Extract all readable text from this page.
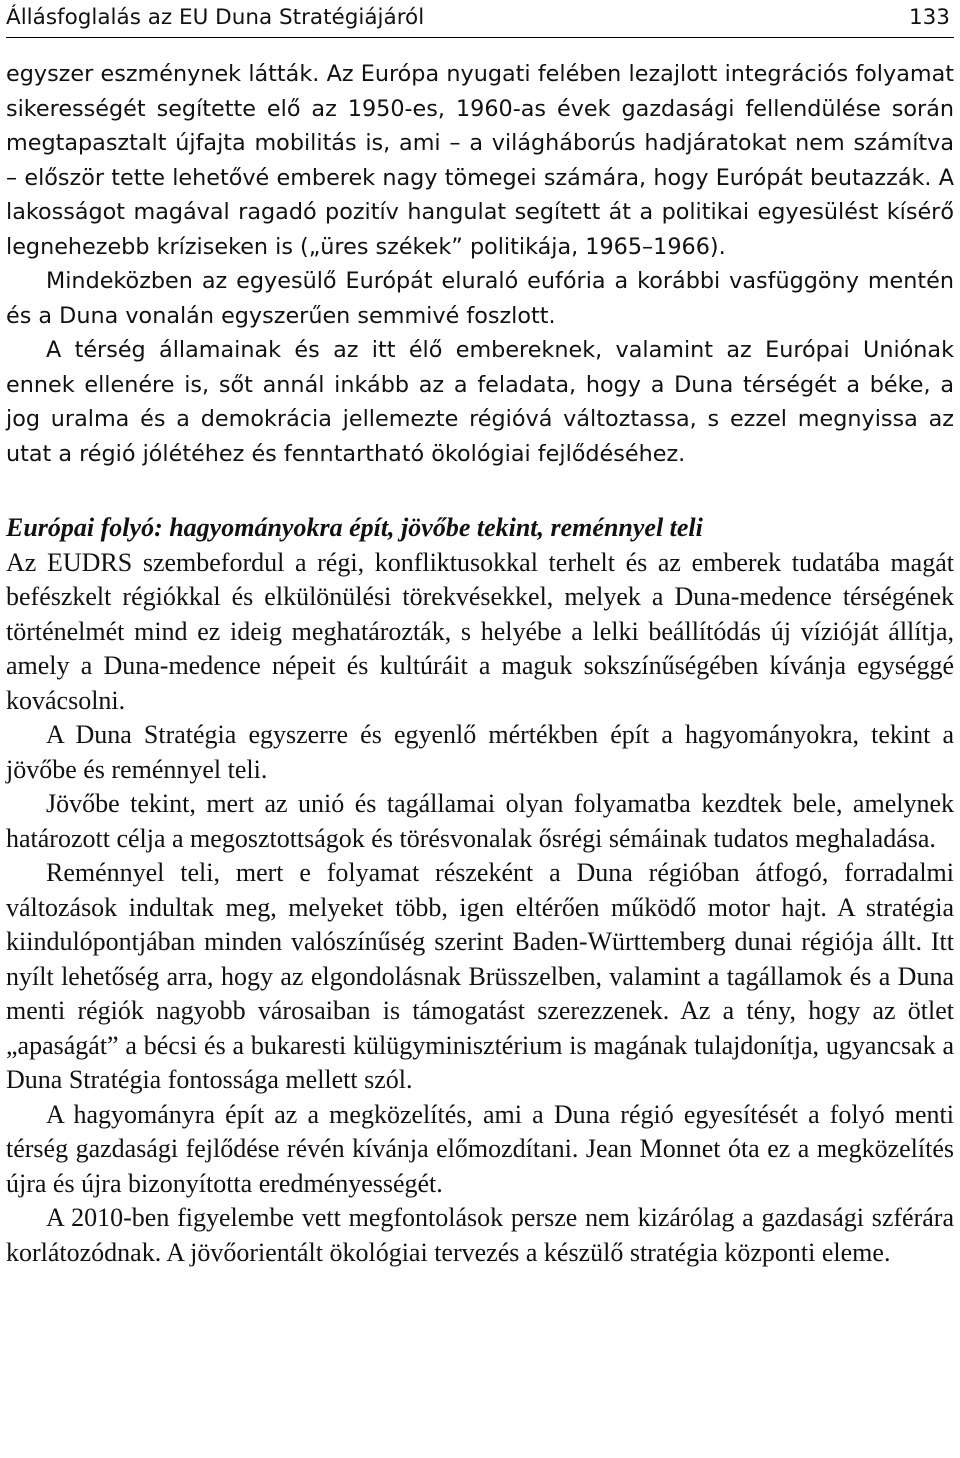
Állásfoglalás az EU Duna Stratégiájáról	133

egyszer eszménynek látták. Az Európa nyugati felében lezajlott integrációs folyamat sikerességét segítette elő az 1950-es, 1960-as évek gazdasági fellendülése során megtapasztalt újfajta mobilitás is, ami – a világháborús hadjáratokat nem számítva – először tette lehetővé emberek nagy tömegei számára, hogy Európát beutazzák. A lakosságot magával ragadó pozitív hangulat segített át a politikai egyesülést kísérő legnehezebb kríziseken is („üres székek” politikája, 1965–1966).

Mindeközben az egyesülő Európát eluraló eufória a korábbi vasfüggöny mentén és a Duna vonalán egyszerűen semmivé foszlott.

A térség államainak és az itt élő embereknek, valamint az Európai Uniónak ennek ellenére is, sőt annál inkább az a feladata, hogy a Duna térségét a béke, a jog uralma és a demokrácia jellemezte régióvá változtassa, s ezzel megnyissa az utat a régió jólétéhez és fenntartható ökológiai fejlődéséhez.

Európai folyó: hagyományokra épít, jövőbe tekint, reménnyel teli

Az EUDRS szembefordul a régi, konfliktusokkal terhelt és az emberek tudatába magát befészkelt régiókkal és elkülönülési törekvésekkel, melyek a Duna-medence térségének történelmét mind ez ideig meghatározták, s helyébe a lelki beállítódás új vízióját állítja, amely a Duna-medence népeit és kultúráit a maguk sokszínűségében kívánja egységgé kovácsolni.

A Duna Stratégia egyszerre és egyenlő mértékben épít a hagyományokra, tekint a jövőbe és reménnyel teli.

Jövőbe tekint, mert az unió és tagállamai olyan folyamatba kezdtek bele, amelynek határozott célja a megosztottságok és törésvonalak ősrégi sémáinak tudatos meghaladása.

Reménnyel teli, mert e folyamat részeként a Duna régióban átfogó, forradalmi változások indultak meg, melyeket több, igen eltérően működő motor hajt. A stratégia kiindulópontjában minden valószínűség szerint Baden-Württemberg dunai régiója állt. Itt nyílt lehetőség arra, hogy az elgondolásnak Brüsszelben, valamint a tagállamok és a Duna menti régiók nagyobb városaiban is támogatást szerezzenek. Az a tény, hogy az ötlet „apaságát” a bécsi és a bukaresti külügyminisztérium is magának tulajdonítja, ugyancsak a Duna Stratégia fontossága mellett szól.

A hagyományra épít az a megközelítés, ami a Duna régió egyesítését a folyó menti térség gazdasági fejlődése révén kívánja előmozdítani. Jean Monnet óta ez a megközelítés újra és újra bizonyította eredményességét.

A 2010-ben figyelembe vett megfontolások persze nem kizárólag a gazdasági szférára korlátozódnak. A jövőorientált ökológiai tervezés a készülő stratégia központi eleme.
